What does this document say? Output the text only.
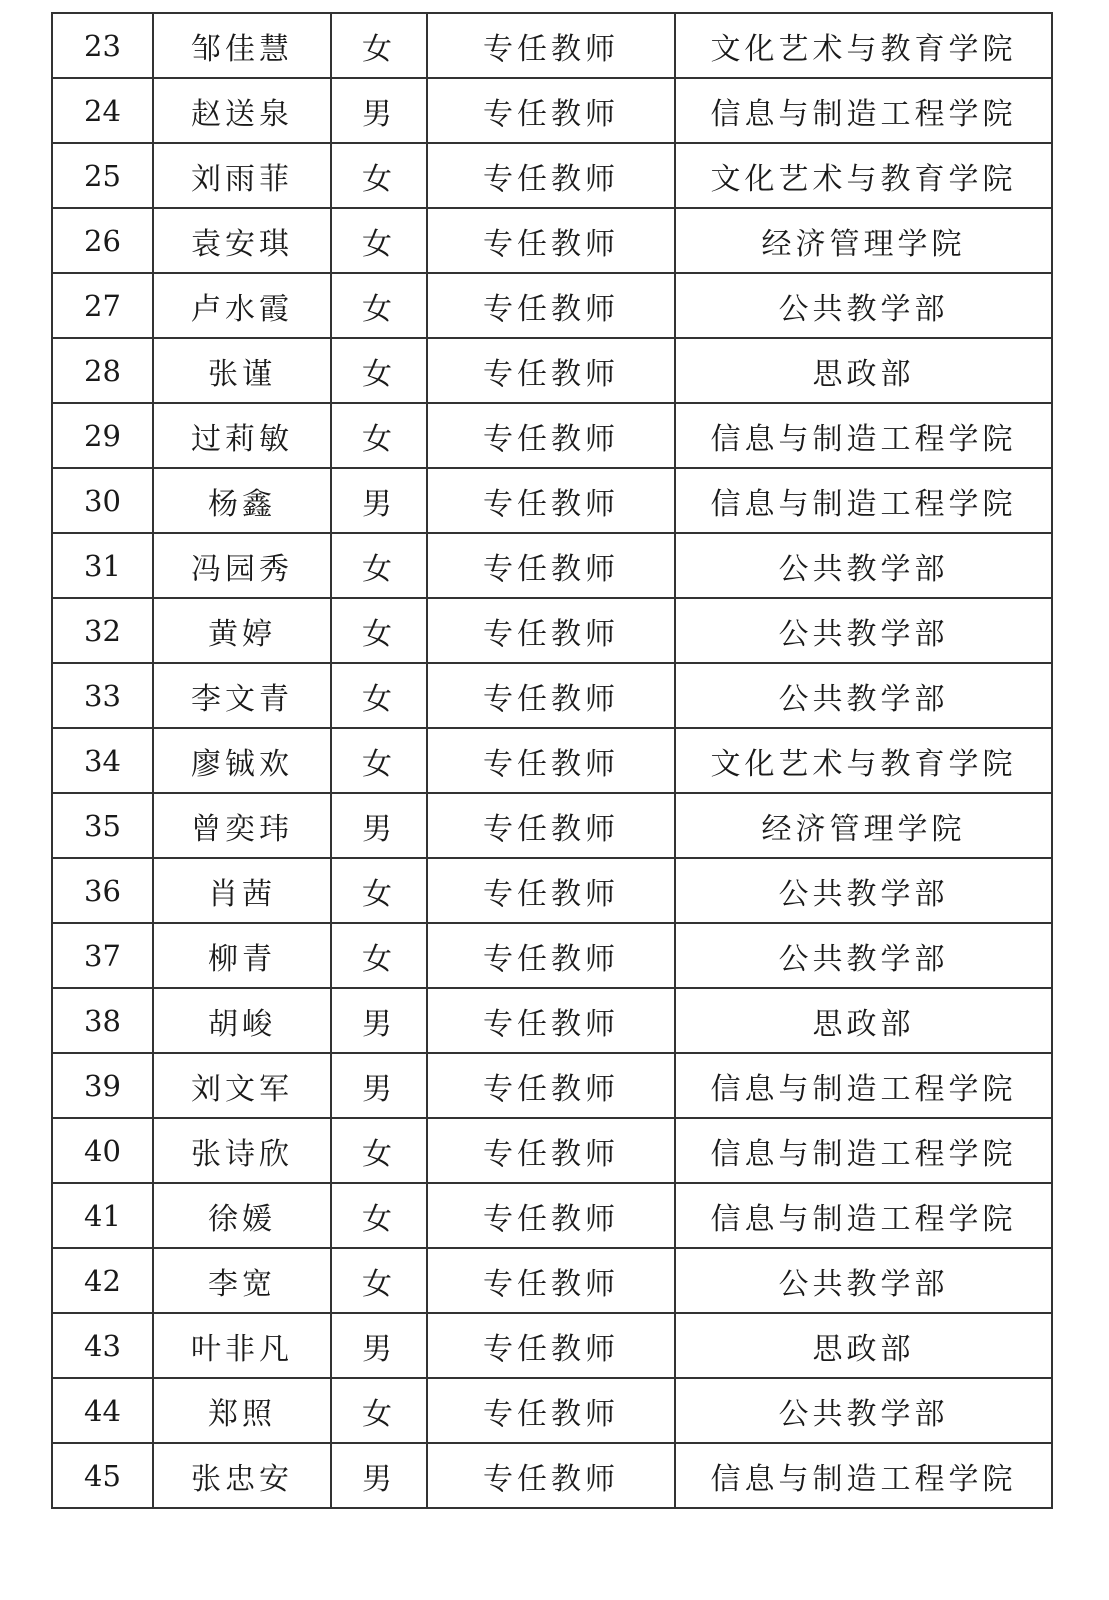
23	邹佳慧	女	专任教师	文化艺术与教育学院
24	赵送泉	男	专任教师	信息与制造工程学院
25	刘雨菲	女	专任教师	文化艺术与教育学院
26	袁安琪	女	专任教师	经济管理学院
27	卢水霞	女	专任教师	公共教学部
28	张谨	女	专任教师	思政部
29	过莉敏	女	专任教师	信息与制造工程学院
30	杨鑫	男	专任教师	信息与制造工程学院
31	冯园秀	女	专任教师	公共教学部
32	黄婷	女	专任教师	公共教学部
33	李文青	女	专任教师	公共教学部
34	廖铖欢	女	专任教师	文化艺术与教育学院
35	曾奕玮	男	专任教师	经济管理学院
36	肖茜	女	专任教师	公共教学部
37	柳青	女	专任教师	公共教学部
38	胡峻	男	专任教师	思政部
39	刘文军	男	专任教师	信息与制造工程学院
40	张诗欣	女	专任教师	信息与制造工程学院
41	徐媛	女	专任教师	信息与制造工程学院
42	李宽	女	专任教师	公共教学部
43	叶非凡	男	专任教师	思政部
44	郑照	女	专任教师	公共教学部
45	张忠安	男	专任教师	信息与制造工程学院
